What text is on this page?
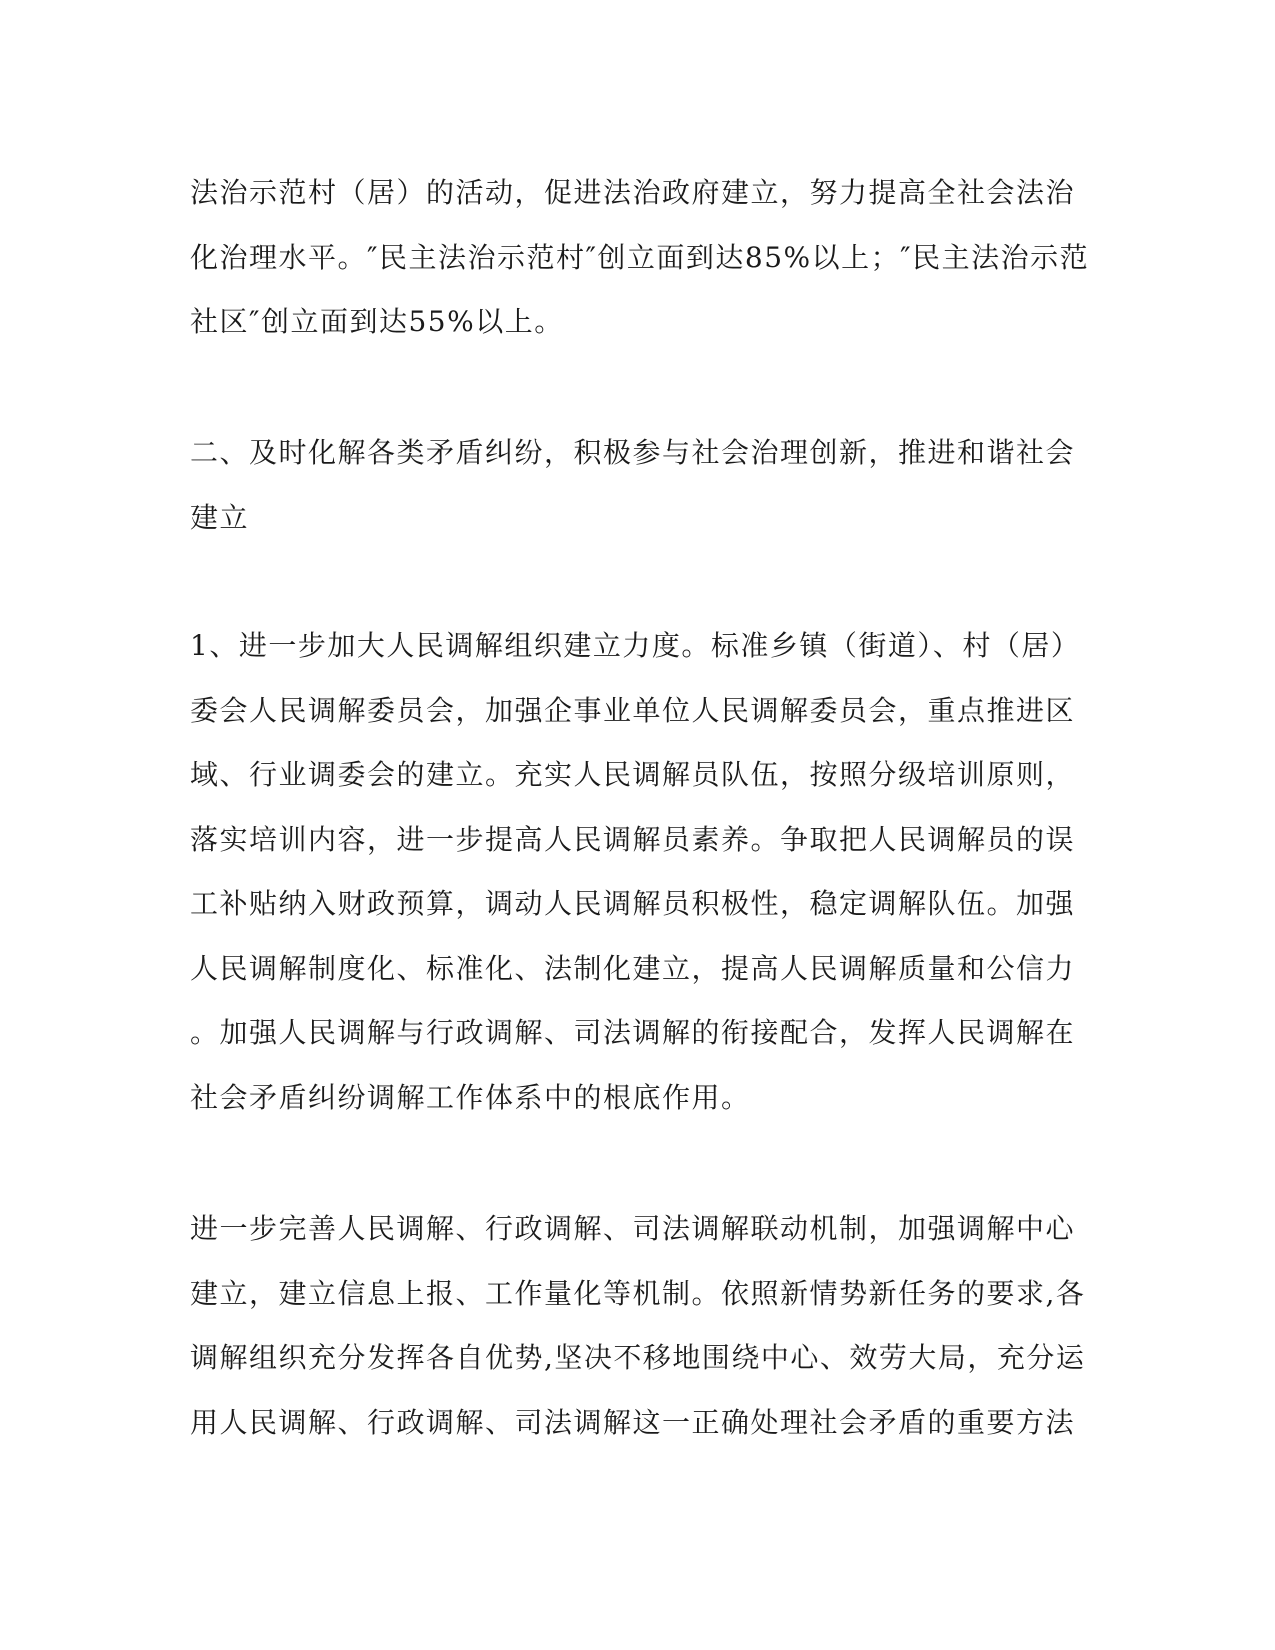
法治示范村（居）的活动，促进法治政府建立，努力提高全社会法治
化治理水平。″民主法治示范村″创立面到达85%以上；″民主法治示范
社区″创立面到达55%以上。
二、及时化解各类矛盾纠纷，积极参与社会治理创新，推进和谐社会
建立
1、进一步加大人民调解组织建立力度。标准乡镇（街道）、村（居）
委会人民调解委员会，加强企事业单位人民调解委员会，重点推进区
域、行业调委会的建立。充实人民调解员队伍，按照分级培训原则，
落实培训内容，进一步提高人民调解员素养。争取把人民调解员的误
工补贴纳入财政预算，调动人民调解员积极性，稳定调解队伍。加强
人民调解制度化、标准化、法制化建立，提高人民调解质量和公信力
。加强人民调解与行政调解、司法调解的衔接配合，发挥人民调解在
社会矛盾纠纷调解工作体系中的根底作用。
进一步完善人民调解、行政调解、司法调解联动机制，加强调解中心
建立，建立信息上报、工作量化等机制。依照新情势新任务的要求,各
调解组织充分发挥各自优势,坚决不移地围绕中心、效劳大局，充分运
用人民调解、行政调解、司法调解这一正确处理社会矛盾的重要方法
